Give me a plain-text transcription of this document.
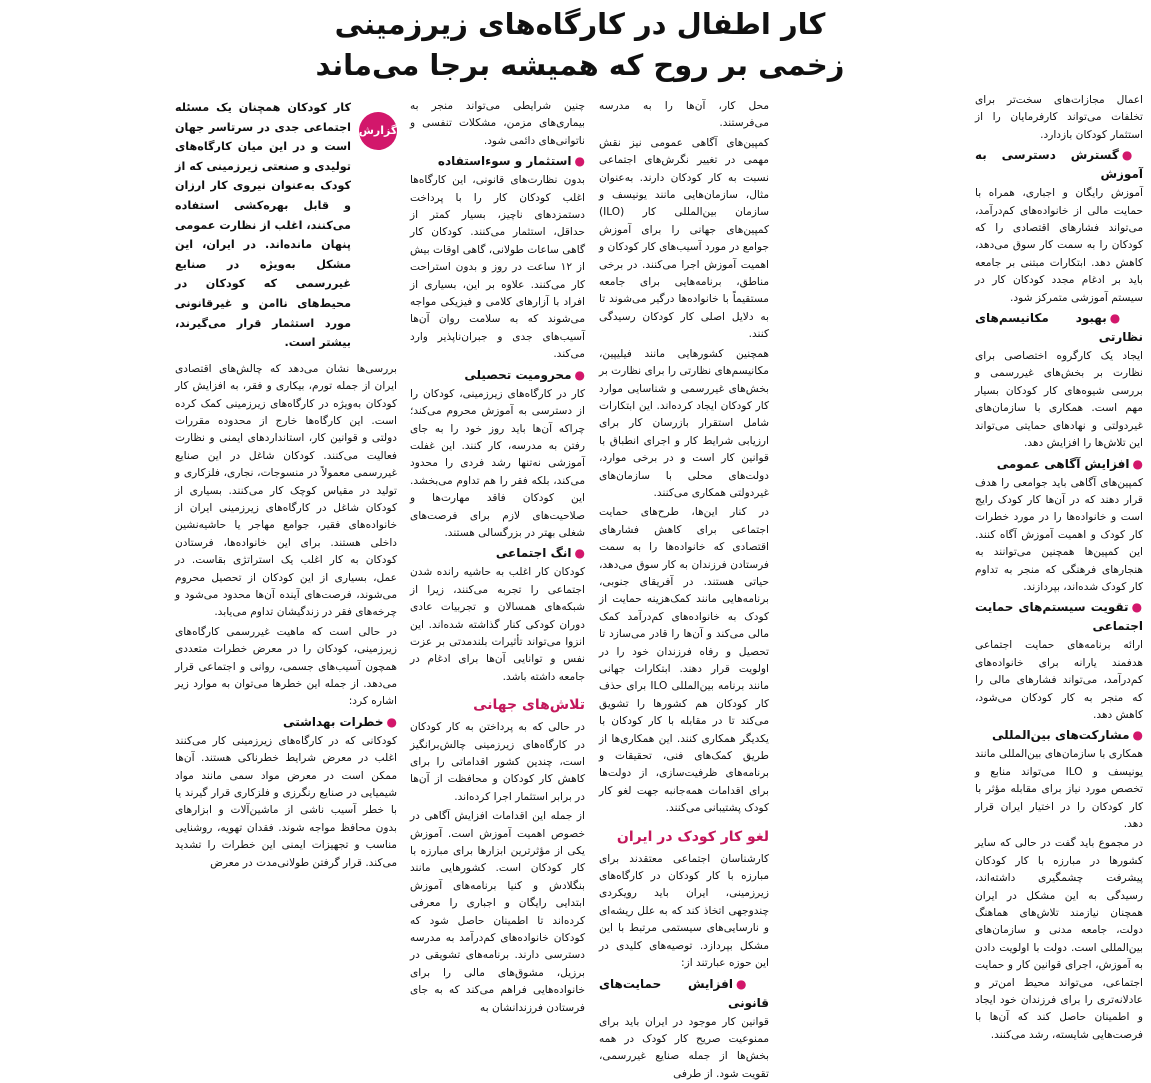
کار اطفال در کارگاه‌های زیرزمینی
زخمی بر روح که همیشه برجا می‌ماند
گزارش

کار کودکان همچنان یک مسئله اجتماعی جدی در سرتاسر جهان است و در این میان کارگاه‌های تولیدی و صنعتی زیرزمینی که از کودک به‌عنوان نیروی کار ارزان و قابل بهره‌کشی استفاده می‌کنند، اغلب از نظارت عمومی پنهان مانده‌اند. در ایران، این مشکل به‌ویژه در صنایع غیررسمی که کودکان در محیط‌های ناامن و غیرقانونی مورد استثمار قرار می‌گیرند، بیشتر است.

بررسی‌ها نشان می‌دهد که چالش‌های اقتصادی ایران از جمله تورم، بیکاری و فقر، به افزایش کار کودکان به‌ویژه در کارگاه‌های زیرزمینی کمک کرده است. این کارگاه‌ها خارج از محدوده مقررات دولتی و قوانین کار، استانداردهای ایمنی و نظارت فعالیت می‌کنند. کودکان شاغل در این صنایع غیررسمی معمولاً در منسوجات، نجاری، فلزکاری و تولید در مقیاس کوچک کار می‌کنند. بسیاری از کودکان شاغل در کارگاه‌های زیرزمینی ایران از خانواده‌های فقیر، جوامع مهاجر یا حاشیه‌نشین داخلی هستند. برای این خانواده‌ها، فرستادن کودکان به کار اغلب یک استراتژی بقاست. در عمل، بسیاری از این کودکان از تحصیل محروم می‌شوند، فرصت‌های آینده آن‌ها محدود می‌شود و چرخه‌های فقر در زندگیشان تداوم می‌یابد.

در حالی است که ماهیت غیررسمی کارگاه‌های زیرزمینی، کودکان را در معرض خطرات متعددی همچون آسیب‌های جسمی، روانی و اجتماعی قرار می‌دهد. از جمله این خطرها می‌توان به موارد زیر اشاره کرد:

●خطرات بهداشتی

کودکانی که در کارگاه‌های زیرزمینی کار می‌کنند اغلب در معرض شرایط خطرناکی هستند. آن‌ها ممکن است در معرض مواد سمی مانند مواد شیمیایی در صنایع رنگرزی و فلزکاری قرار گیرند یا با خطر آسیب ناشی از ماشین‌آلات و ابزارهای بدون محافظ مواجه شوند. فقدان تهویه، روشنایی مناسب و تجهیزات ایمنی این خطرات را تشدید می‌کند. قرار گرفتن طولانی‌مدت در معرض

چنین شرایطی می‌تواند منجر به بیماری‌های مزمن، مشکلات تنفسی و ناتوانی‌های دائمی شود.

●استثمار و سوءاستفاده

بدون نظارت‌های قانونی، این کارگاه‌ها اغلب کودکان کار را با پرداخت دستمزدهای ناچیز، بسیار کمتر از حداقل، استثمار می‌کنند. کودکان کار گاهی ساعات طولانی، گاهی اوقات بیش از ۱۲ ساعت در روز و بدون استراحت کار می‌کنند. علاوه بر این، بسیاری از افراد با آزارهای کلامی و فیزیکی مواجه می‌شوند که به سلامت روان آن‌ها آسیب‌های جدی و جبران‌ناپذیر وارد می‌کند.

●محرومیت تحصیلی

کار در کارگاه‌های زیرزمینی، کودکان را از دسترسی به آموزش محروم می‌کند؛ چراکه آن‌ها باید روز خود را به جای رفتن به مدرسه، کار کنند. این غفلت آموزشی نه‌تنها رشد فردی را محدود می‌کند، بلکه فقر را هم تداوم می‌بخشد. این کودکان فاقد مهارت‌ها و صلاحیت‌های لازم برای فرصت‌های شغلی بهتر در بزرگسالی هستند.

●انگ اجتماعی

کودکان کار اغلب به حاشیه رانده شدن اجتماعی را تجربه می‌کنند، زیرا از شبکه‌های همسالان و تجربیات عادی دوران کودکی کنار گذاشته شده‌اند. این انزوا می‌تواند تأثیرات بلندمدتی بر عزت نفس و توانایی آن‌ها برای ادغام در جامعه داشته باشد.

تلاش‌های جهانی

در حالی که به پرداختن به کار کودکان در کارگاه‌های زیرزمینی چالش‌برانگیز است، چندین کشور اقداماتی را برای کاهش کار کودکان و محافظت از آن‌ها در برابر استثمار اجرا کرده‌اند.

از جمله این اقدامات افزایش آگاهی در خصوص اهمیت آموزش است. آموزش یکی از مؤثرترین ابزارها برای مبارزه با کار کودکان است. کشورهایی مانند بنگلادش و کنیا برنامه‌های آموزش ابتدایی رایگان و اجباری را معرفی کرده‌اند تا اطمینان حاصل شود که کودکان خانواده‌های کم‌درآمد به مدرسه دسترسی دارند. برنامه‌های تشویقی در برزیل، مشوق‌های مالی را برای خانواده‌هایی فراهم می‌کند که به جای فرستادن فرزندانشان به

محل کار، آن‌ها را به مدرسه می‌فرستند.

کمپین‌های آگاهی عمومی نیز نقش مهمی در تغییر نگرش‌های اجتماعی نسبت به کار کودکان دارند. به‌عنوان مثال، سازمان‌هایی مانند یونیسف و سازمان بین‌المللی کار (ILO) کمپین‌های جهانی را برای آموزش جوامع در مورد آسیب‌های کار کودکان و اهمیت آموزش اجرا می‌کنند. در برخی مناطق، برنامه‌هایی برای جامعه مستقیماً با خانواده‌ها درگیر می‌شوند تا به دلایل اصلی کار کودکان رسیدگی کنند.

همچنین کشورهایی مانند فیلیپین، مکانیسم‌های نظارتی را برای نظارت بر بخش‌های غیررسمی و شناسایی موارد کار کودکان ایجاد کرده‌اند. این ابتکارات شامل استقرار بازرسان کار برای ارزیابی شرایط کار و اجرای انطباق با قوانین کار است و در برخی موارد، دولت‌های محلی با سازمان‌های غیردولتی همکاری می‌کنند.

در کنار این‌ها، طرح‌های حمایت اجتماعی برای کاهش فشارهای اقتصادی که خانواده‌ها را به سمت فرستادن فرزندان به کار سوق می‌دهد، حیاتی هستند. در آفریقای جنوبی، برنامه‌هایی مانند کمک‌هزینه حمایت از کودک به خانواده‌های کم‌درآمد کمک مالی می‌کند و آن‌ها را قادر می‌سازد تا تحصیل و رفاه فرزندان خود را در اولویت قرار دهند. ابتکارات جهانی مانند برنامه بین‌المللی ILO برای حذف کار کودکان هم کشورها را تشویق می‌کند تا در مقابله با کار کودکان با یکدیگر همکاری کنند. این همکاری‌ها از طریق کمک‌های فنی، تحقیقات و برنامه‌های ظرفیت‌سازی، از دولت‌ها برای اقدامات همه‌جانبه جهت لغو کار کودک پشتیبانی می‌کنند.

لغو کار کودک در ایران

کارشناسان اجتماعی معتقدند برای مبارزه با کار کودکان در کارگاه‌های زیرزمینی، ایران باید رویکردی چندوجهی اتخاذ کند که به علل ریشه‌ای و نارسایی‌های سیستمی مرتبط با این مشکل بپردازد. توصیه‌های کلیدی در این حوزه عبارتند از:

●افزایش حمایت‌های قانونی

قوانین کار موجود در ایران باید برای ممنوعیت صریح کار کودک در همه بخش‌ها از جمله صنایع غیررسمی، تقویت شود. از طرفی

اعمال مجازات‌های سخت‌تر برای تخلفات می‌تواند کارفرمایان را از استثمار کودکان بازدارد.

●گسترش دسترسی به آموزش

آموزش رایگان و اجباری، همراه با حمایت مالی از خانواده‌های کم‌درآمد، می‌تواند فشارهای اقتصادی را که کودکان را به سمت کار سوق می‌دهد، کاهش دهد. ابتکارات مبتنی بر جامعه باید بر ادغام مجدد کودکان کار در سیستم آموزشی متمرکز شود.

●بهبود مکانیسم‌های نظارتی

ایجاد یک کارگروه اختصاصی برای نظارت بر بخش‌های غیررسمی و بررسی شیوه‌های کار کودکان بسیار مهم است. همکاری با سازمان‌های غیردولتی و نهادهای حمایتی می‌تواند این تلاش‌ها را افزایش دهد.

●افزایش آگاهی عمومی

کمپین‌های آگاهی باید جوامعی را هدف قرار دهند که در آن‌ها کار کودک رایج است و خانواده‌ها را در مورد خطرات کار کودک و اهمیت آموزش آگاه کنند. این کمپین‌ها همچنین می‌توانند به هنجارهای فرهنگی که منجر به تداوم کار کودک شده‌اند، بپردازند.

●تقویت سیستم‌های حمایت اجتماعی

ارائه برنامه‌های حمایت اجتماعی هدفمند یارانه برای خانواده‌های کم‌درآمد، می‌تواند فشارهای مالی را که منجر به کار کودکان می‌شود، کاهش دهد.

●مشارکت‌های بین‌المللی

همکاری با سازمان‌های بین‌المللی مانند یونیسف و ILO می‌تواند منابع و تخصص مورد نیاز برای مقابله مؤثر با کار کودکان را در اختیار ایران قرار دهد.

در مجموع باید گفت در حالی که سایر کشورها در مبارزه با کار کودکان پیشرفت چشمگیری داشته‌اند، رسیدگی به این مشکل در ایران همچنان نیازمند تلاش‌های هماهنگ دولت، جامعه مدنی و سازمان‌های بین‌المللی است. دولت با اولویت دادن به آموزش، اجرای قوانین کار و حمایت اجتماعی، می‌تواند محیط امن‌تر و عادلانه‌تری را برای فرزندان خود ایجاد و اطمینان حاصل کند که آن‌ها با فرصت‌هایی شایسته، رشد می‌کنند.
